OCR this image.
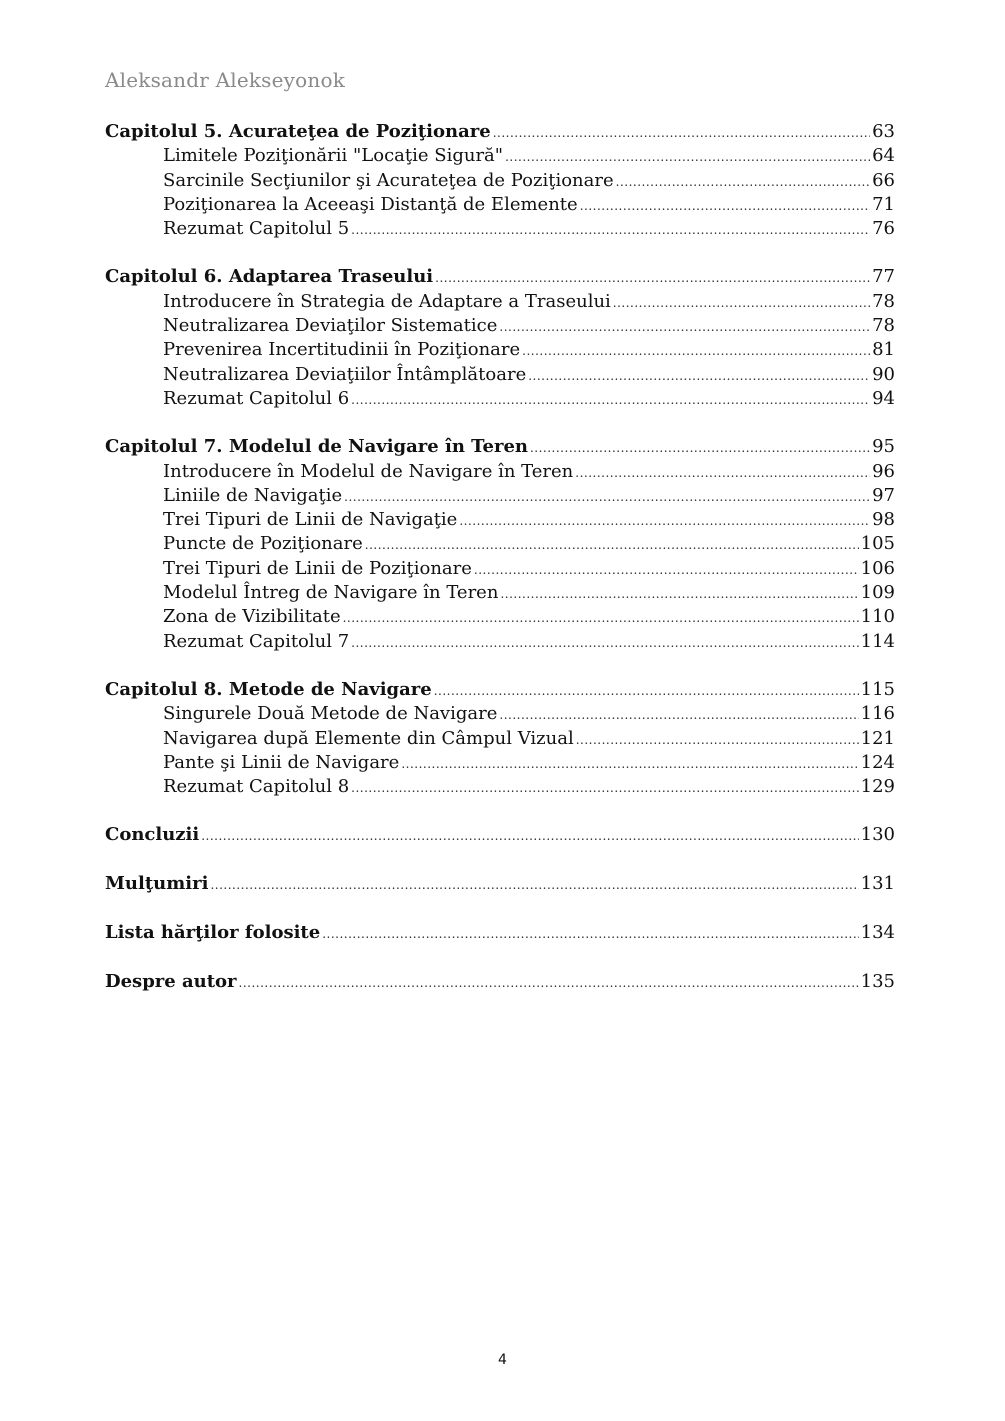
Aleksandr Alekseyonok
Capitolul 5. Acurateţea de Poziţionare .....	63
Limitele Poziţionării "Locaţie Sigură" .....	64
Sarcinile Secţiunilor şi Acurateţea de Poziţionare .....	66
Poziţionarea la Aceeaşi Distanţă de Elemente .....	71
Rezumat Capitolul 5 .....	76
Capitolul 6. Adaptarea Traseului .....	77
Introducere în Strategia de Adaptare a Traseului .....	78
Neutralizarea Deviaţilor Sistematice .....	78
Prevenirea Incertitudinii în Poziţionare .....	81
Neutralizarea Deviaţiilor Întâmplătoare .....	90
Rezumat Capitolul 6 .....	94
Capitolul 7. Modelul de Navigare în Teren .....	95
Introducere în Modelul de Navigare în Teren .....	96
Liniile de Navigaţie .....	97
Trei Tipuri de Linii de Navigaţie .....	98
Puncte de Poziţionare .....	105
Trei Tipuri de Linii de Poziţionare .....	106
Modelul Întreg de Navigare în Teren .....	109
Zona de Vizibilitate .....	110
Rezumat Capitolul 7 .....	114
Capitolul 8. Metode de Navigare .....	115
Singurele Două Metode de Navigare .....	116
Navigarea după Elemente din Câmpul Vizual .....	121
Pante şi Linii de Navigare .....	124
Rezumat Capitolul 8 .....	129
Concluzii .....	130
Mulţumiri .....	131
Lista hărţilor folosite .....	134
Despre autor .....	135
4
